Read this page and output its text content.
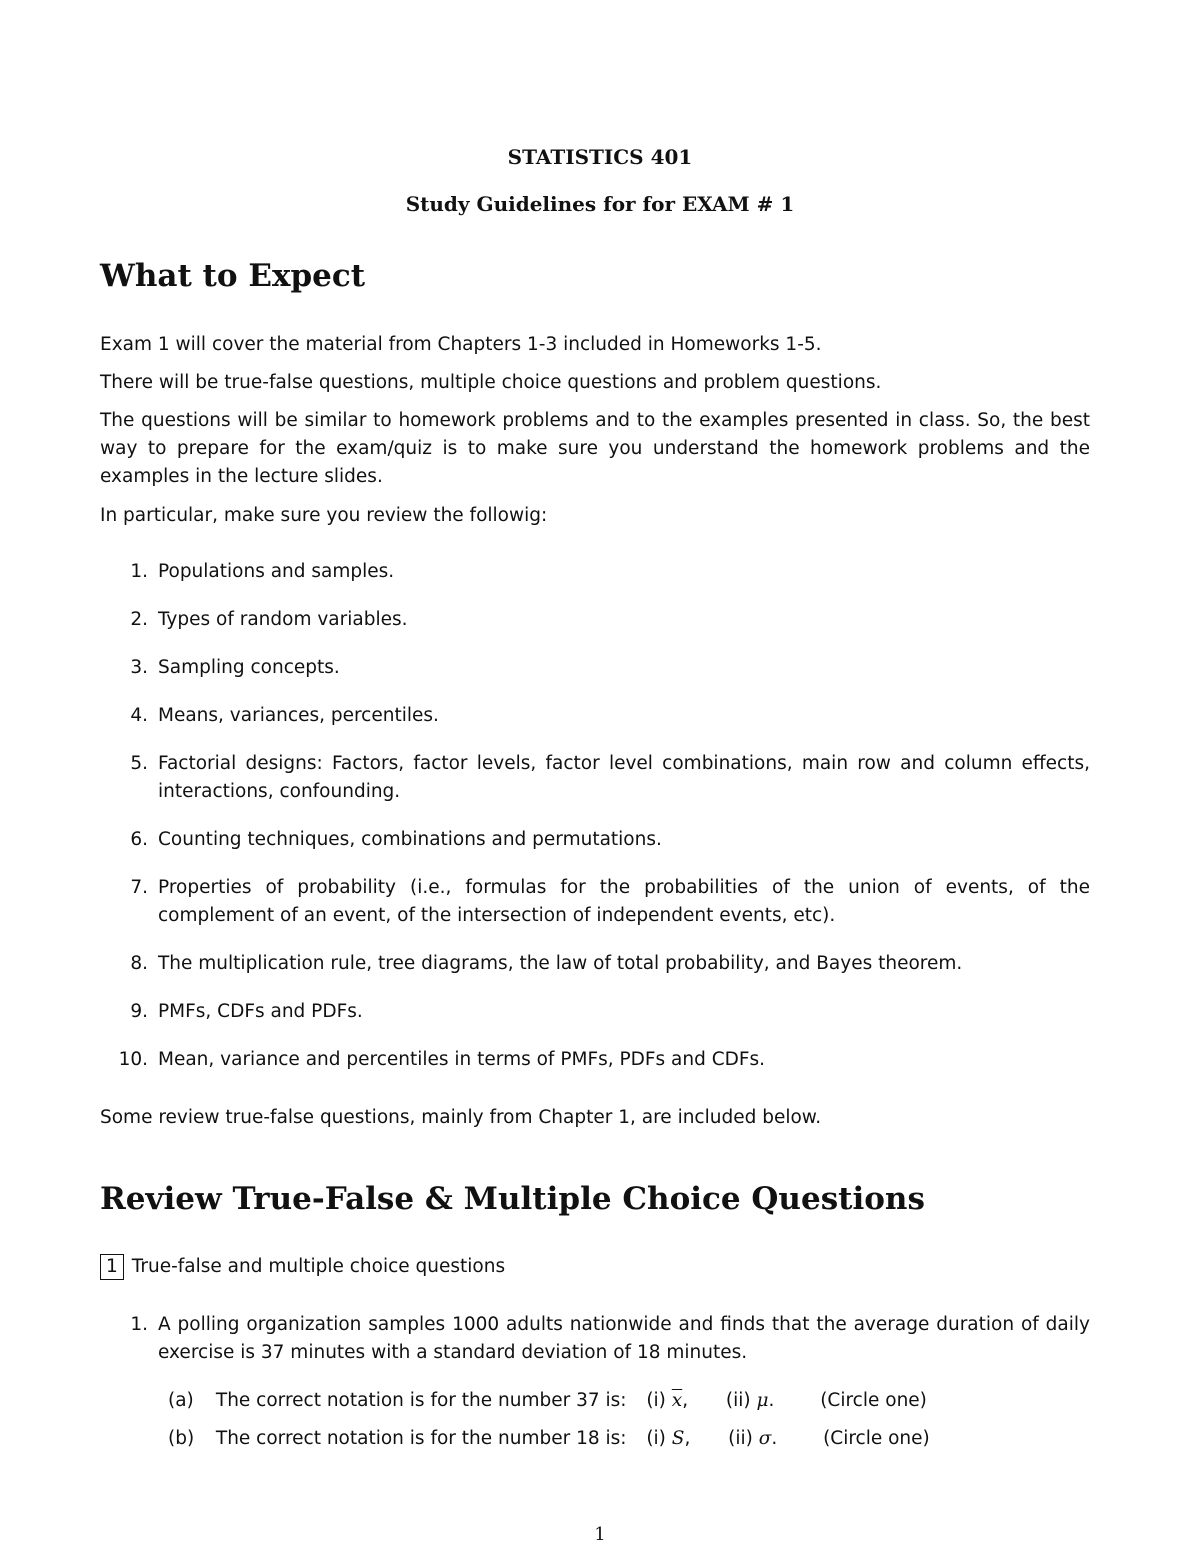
STATISTICS 401
Study Guidelines for for EXAM # 1
What to Expect

Exam 1 will cover the material from Chapters 1-3 included in Homeworks 1-5.

There will be true-false questions, multiple choice questions and problem questions.

The questions will be similar to homework problems and to the examples presented in class. So, the best way to prepare for the exam/quiz is to make sure you understand the homework problems and the examples in the lecture slides.

In particular, make sure you review the followig:

1. Populations and samples.
2. Types of random variables.
3. Sampling concepts.
4. Means, variances, percentiles.
5. Factorial designs: Factors, factor levels, factor level combinations, main row and column effects, interactions, confounding.
6. Counting techniques, combinations and permutations.
7. Properties of probability (i.e., formulas for the probabilities of the union of events, of the complement of an event, of the intersection of independent events, etc).
8. The multiplication rule, tree diagrams, the law of total probability, and Bayes theorem.
9. PMFs, CDFs and PDFs.
10. Mean, variance and percentiles in terms of PMFs, PDFs and CDFs.

Some review true-false questions, mainly from Chapter 1, are included below.

Review True-False & Multiple Choice Questions
1 True-false and multiple choice questions
1. A polling organization samples 1000 adults nationwide and finds that the average duration of daily exercise is 37 minutes with a standard deviation of 18 minutes.
(a) The correct notation is for the number 37 is: (i) $\overline{x}$, (ii) μ. (Circle one)
(b) The correct notation is for the number 18 is: (i) S, (ii) σ. (Circle one)
1
